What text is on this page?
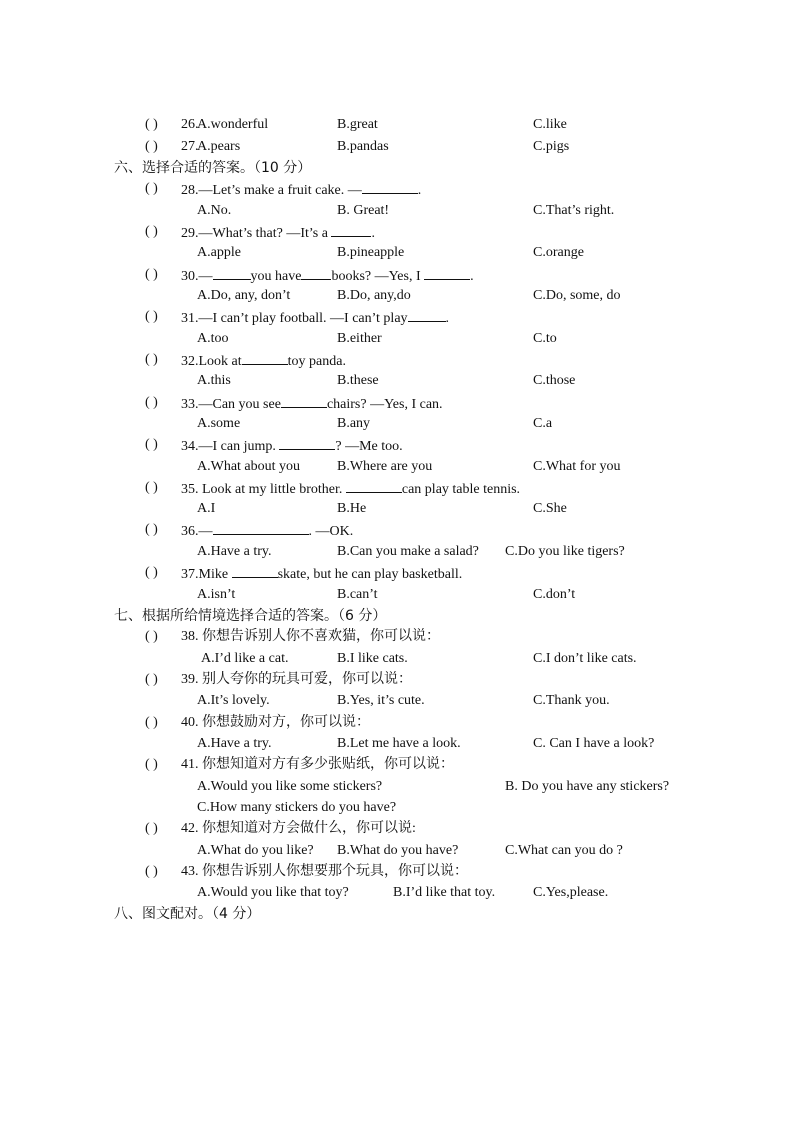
( ) 26.
A.wonderful	B.great	C.like
( ) 27.
A.pears	B.pandas	C.pigs
六、选择合适的答案。（10 分）
( ) 28.—Let’s make a fruit cake. —	.
A.No.	B. Great!	C.That’s right.
( ) 29.—What’s that? —It’s a	.
A.apple	B.pineapple	C.orange
( ) 30.—	you have books? —Yes, I	.
A.Do, any, don’t	B.Do, any,do	C.Do, some, do
( ) 31.—I can’t play football. —I can’t play	.
A.too	B.either	C.to
( ) 32.Look at	toy panda.
A.this	B.these	C.those
( ) 33.—Can you see	chairs? —Yes, I can.
A.some	B.any	C.a
( ) 34.—I can jump.	? —Me too.
A.What about you	B.Where are you	C.What for you
( ) 35. Look at my little brother.	can play table tennis.
A.I	B.He	C.She
( ) 36.—	. —OK.
A.Have a try.	B.Can you make a salad? C.Do you like tigers?
( ) 37.Mike	skate, but he can play basketball.
A.isn’t	B.can’t	C.don’t
七、根据所给情境选择合适的答案。（6 分）
( ) 38. 你想告诉别人你不喜欢猫，你可以说：
A.I’d like a cat.	B.I like cats.	C.I don’t like cats.
( ) 39. 别人夸你的玩具可爱，你可以说：
A.It’s lovely.	B.Yes, it’s cute.	C.Thank you.
( ) 40. 你想鼓励对方，你可以说：
A.Have a try.	B.Let me have a look.	C. Can I have a look?
( ) 41. 你想知道对方有多少张贴纸，你可以说：
A.Would you like some stickers?	B. Do you have any stickers?
C.How many stickers do you have?
( ) 42. 你想知道对方会做什么，你可以说:
A.What do you like? B.What do you have?	C.What can you do ?
( ) 43. 你想告诉别人你想要那个玩具，你可以说：
A.Would you like that toy?	B.I’d like that toy.	C.Yes,please.
八、图文配对。（4 分）
